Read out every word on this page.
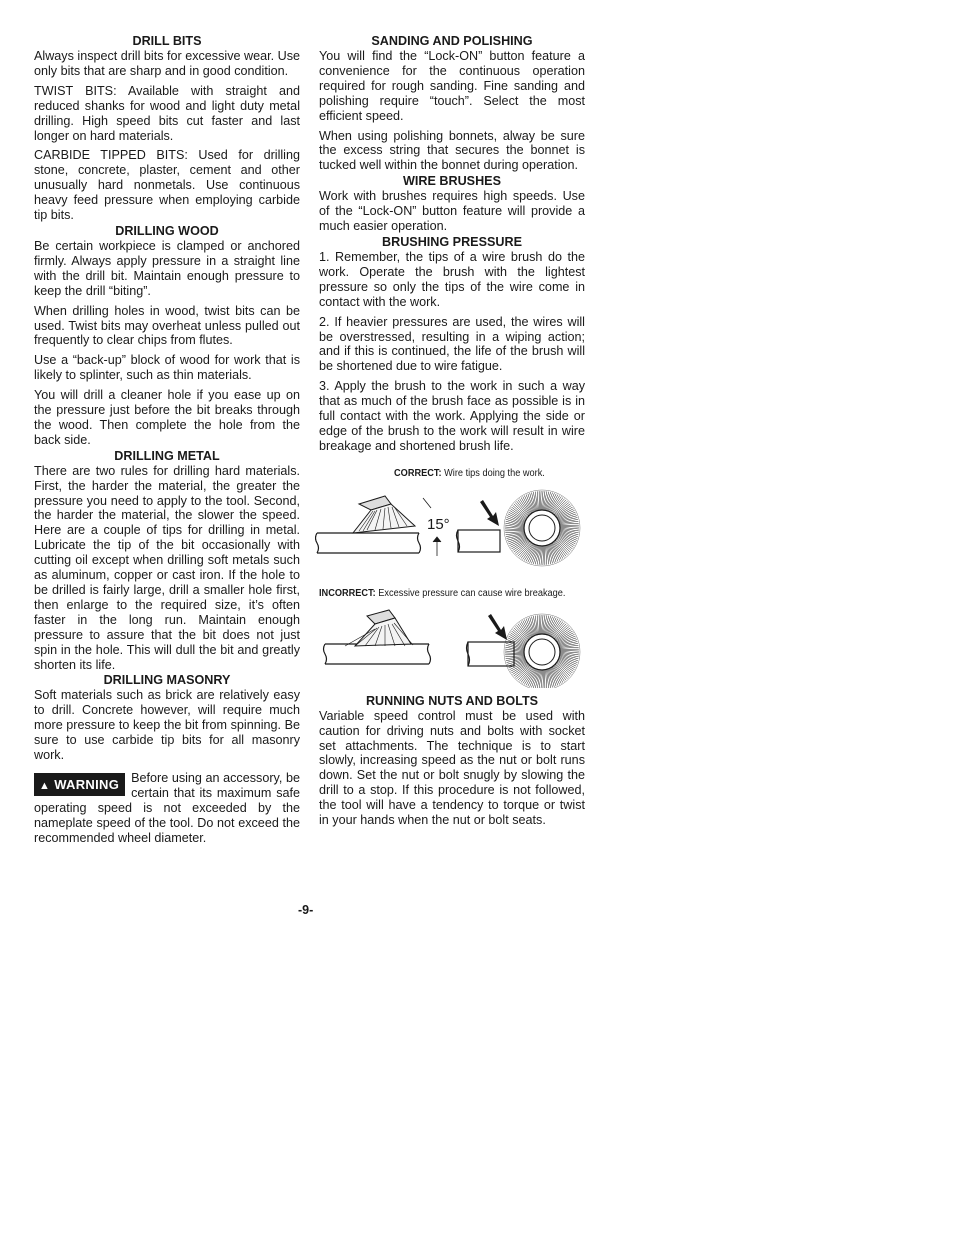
DRILL BITS

Always inspect drill bits for excessive wear. Use only bits that are sharp and in good condition.

TWIST BITS: Available with straight and reduced shanks for wood and light duty metal drilling. High speed bits cut faster and last longer on hard materials.

CARBIDE TIPPED BITS: Used for drilling stone, concrete, plaster, cement and other unusually hard nonmetals. Use continuous heavy feed pressure when employing carbide tip bits.

DRILLING WOOD

Be certain workpiece is clamped or anchored firmly. Always apply pressure in a straight line with the drill bit. Maintain enough pressure to keep the drill “biting”.

When drilling holes in wood, twist bits can be used. Twist bits may overheat unless pulled out frequently to clear chips from flutes.

Use a “back-up” block of wood for work that is likely to splinter, such as thin materials.

You will drill a cleaner hole if you ease up on the pressure just before the bit breaks through the wood. Then complete the hole from the back side.

DRILLING METAL

There are two rules for drilling hard materials. First, the harder the material, the greater the pressure you need to apply to the tool. Second, the harder the material, the slower the speed. Here are a couple of tips for drilling in metal. Lubricate the tip of the bit occasionally with cutting oil except when drilling soft metals such as aluminum, copper or cast iron. If the hole to be drilled is fairly large, drill a smaller hole first, then enlarge to the required size, it’s often faster in the long run. Maintain enough pressure to assure that the bit does not just spin in the hole. This will dull the bit and greatly shorten its life.

DRILLING MASONRY

Soft materials such as brick are relatively easy to drill. Concrete however, will require much more pressure to keep the bit from spinning. Be sure to use carbide tip bits for all masonry work.

▲ WARNING Before using an accessory, be certain that its maximum safe operating speed is not exceeded by the nameplate speed of the tool. Do not exceed the recommended wheel diameter.
SANDING AND POLISHING

You will find the “Lock-ON” button feature a convenience for the continuous operation required for rough sanding. Fine sanding and polishing require “touch”. Select the most efficient speed.

When using polishing bonnets, alway be sure the excess string that secures the bonnet is tucked well within the bonnet during operation.

WIRE BRUSHES

Work with brushes requires high speeds. Use of the “Lock-ON” button feature will provide a much easier operation.

BRUSHING PRESSURE

1. Remember, the tips of a wire brush do the work. Operate the brush with the lightest pressure so only the tips of the wire come in contact with the work.

2. If heavier pressures are used, the wires will be overstressed, resulting in a wiping action; and if this is continued, the life of the brush will be shortened due to wire fatigue.

3. Apply the brush to the work in such a way that as much of the brush face as possible is in full contact with the work. Applying the side or edge of the brush to the work will result in wire breakage and shortened brush life.

CORRECT: Wire tips doing the work.
15°
INCORRECT: Excessive pressure can cause wire breakage.
RUNNING NUTS AND BOLTS

Variable speed control must be used with caution for driving nuts and bolts with socket set attachments. The technique is to start slowly, increasing speed as the nut or bolt runs down. Set the nut or bolt snugly by slowing the drill to a stop. If this procedure is not followed, the tool will have a tendency to torque or twist in your hands when the nut or bolt seats.

-9-
